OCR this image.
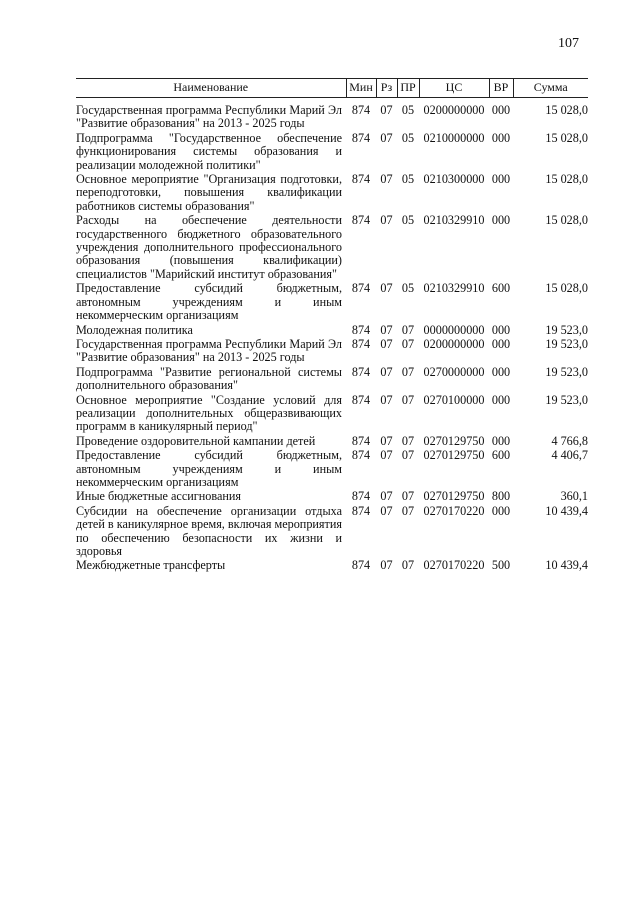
107
Наименование	Мин	Рз	ПР	ЦС	ВР	Сумма

Государственная программа Республики Марий Эл "Развитие образования" на 2013 - 2025 годы	874	07	05	0200000000	000	15 028,0
Подпрограмма "Государственное обеспечение функционирования системы образования и реализации молодежной политики"	874	07	05	0210000000	000	15 028,0
Основное мероприятие "Организация подготовки, переподготовки, повышения квалификации работников системы образования"	874	07	05	0210300000	000	15 028,0
Расходы на обеспечение деятельности государственного бюджетного образовательного учреждения дополнительного профессионального образования (повышения квалификации) специалистов "Марийский институт образования"	874	07	05	0210329910	000	15 028,0
Предоставление субсидий бюджетным, автономным учреждениям и иным некоммерческим организациям	874	07	05	0210329910	600	15 028,0
Молодежная политика	874	07	07	0000000000	000	19 523,0
Государственная программа Республики Марий Эл "Развитие образования" на 2013 - 2025 годы	874	07	07	0200000000	000	19 523,0
Подпрограмма "Развитие региональной системы дополнительного образования"	874	07	07	0270000000	000	19 523,0
Основное мероприятие "Создание условий для реализации дополнительных общеразвивающих программ в каникулярный период"	874	07	07	0270100000	000	19 523,0
Проведение оздоровительной кампании детей	874	07	07	0270129750	000	4 766,8
Предоставление субсидий бюджетным, автономным учреждениям и иным некоммерческим организациям	874	07	07	0270129750	600	4 406,7
Иные бюджетные ассигнования	874	07	07	0270129750	800	360,1
Субсидии на обеспечение организации отдыха детей в каникулярное время, включая мероприятия по обеспечению безопасности их жизни и здоровья	874	07	07	0270170220	000	10 439,4
Межбюджетные трансферты	874	07	07	0270170220	500	10 439,4
